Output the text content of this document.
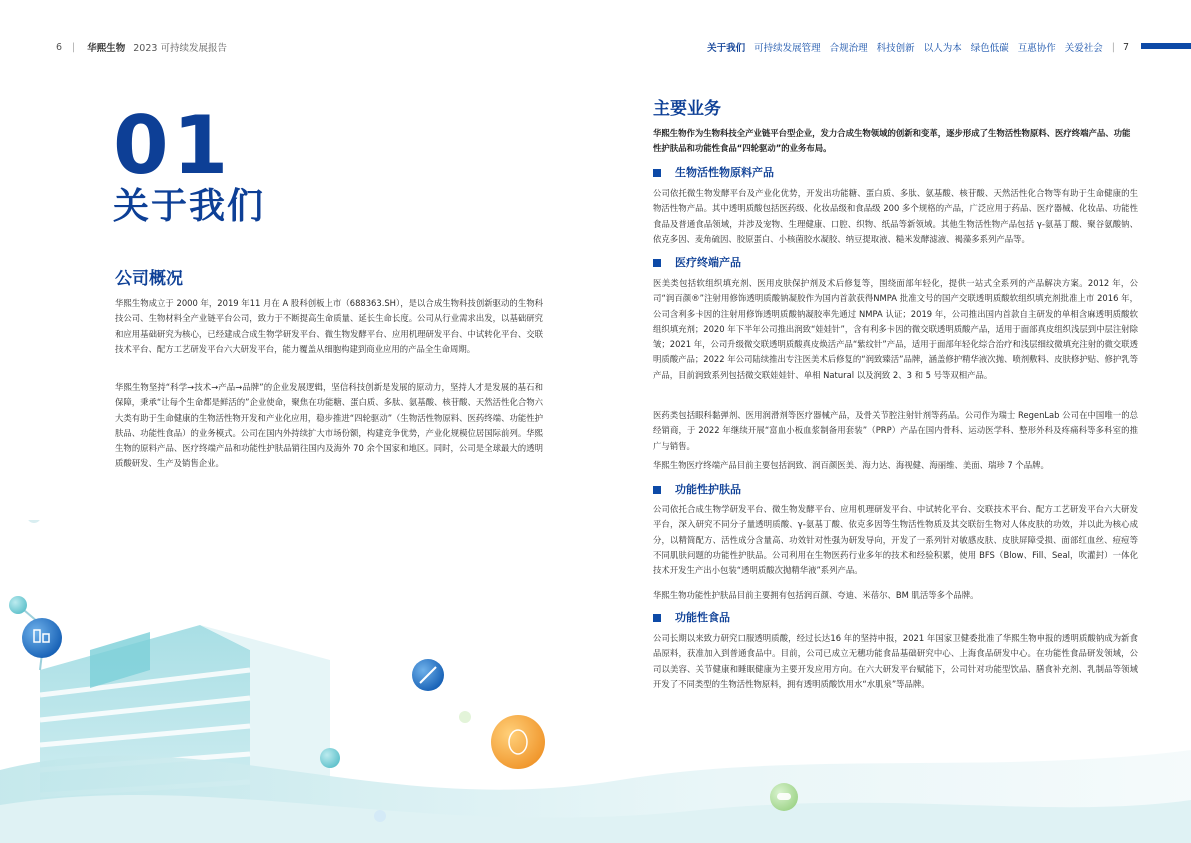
6 | 华熙生物 2023 可持续发展报告	关于我们 可持续发展管理 合规治理 科技创新 以人为本 绿色低碳 互惠协作 关爱社会 | 7
01
关于我们
公司概况

华熙生物成立于 2000 年，2019 年11 月在 A 股科创板上市（688363.SH），是以合成生物科技创新驱动的生物科技公司、生物材料全产业链平台公司，致力于不断提高生命质量、延长生命长度。公司从行业需求出发，以基础研究和应用基础研究为核心，已经建成合成生物学研发平台、微生物发酵平台、应用机理研发平台、中试转化平台、交联技术平台、配方工艺研发平台六大研发平台，能力覆盖从细胞构建到商业应用的产品全生命周期。

华熙生物坚持“科学→技术→产品→品牌”的企业发展逻辑，坚信科技创新是发展的原动力，坚持人才是发展的基石和保障，秉承“让每个生命都是鲜活的”企业使命，聚焦在功能糖、蛋白质、多肽、氨基酸、核苷酸、天然活性化合物六大类有助于生命健康的生物活性物开发和产业化应用，稳步推进“四轮驱动”（生物活性物原料、医药终端、功能性护肤品、功能性食品）的业务模式。公司在国内外持续扩大市场份额，构建竞争优势，产业化规模位居国际前列。华熙生物的原料产品、医疗终端产品和功能性护肤品销往国内及海外 70 余个国家和地区。同时，公司是全球最大的透明质酸研发、生产及销售企业。

主要业务

华熙生物作为生物科技全产业链平台型企业，发力合成生物领域的创新和变革，逐步形成了生物活性物原料、医疗终端产品、功能性护肤品和功能性食品“四轮驱动”的业务布局。

生物活性物原料产品

公司依托微生物发酵平台及产业化优势，开发出功能糖、蛋白质、多肽、氨基酸、核苷酸、天然活性化合物等有助于生命健康的生物活性物产品。其中透明质酸包括医药级、化妆品级和食品级 200 多个规格的产品，广泛应用于药品、医疗器械、化妆品、功能性食品及普通食品领域，并涉及宠物、生理健康、口腔、织物、纸品等新领域。其他生物活性物产品包括 γ-氨基丁酸、聚谷氨酸钠、依克多因、麦角硫因、胶原蛋白、小核菌胶水凝胶、纳豆提取液、糙米发酵滤液、褐藻多系列产品等。

医疗终端产品

医美类包括软组织填充剂、医用皮肤保护剂及术后修复等，围绕面部年轻化，提供一站式全系列的产品解决方案。2012 年，公司“润百颜®”注射用修饰透明质酸钠凝胶作为国内首款获得NMPA 批准文号的国产交联透明质酸软组织填充剂批准上市 2016 年，公司含利多卡因的注射用修饰透明质酸钠凝胶率先通过 NMPA 认证；2019 年，公司推出国内首款自主研发的单相含麻透明质酸软组织填充剂；2020 年下半年公司推出润致“娃娃针”，含有利多卡因的微交联透明质酸产品，适用于面部真皮组织浅层到中层注射除皱；2021 年，公司升级微交联透明质酸真皮焕活产品“紫纹针”产品，适用于面部年轻化综合治疗和浅层细纹微填充注射的微交联透明质酸产品；2022 年公司陆续推出专注医美术后修复的“润致臻活”品牌，涵盖修护精华液次抛、喷剂敷料、皮肤修护贴、修护乳等产品，目前润致系列包括微交联娃娃针、单相 Natural 以及润致 2、3 和 5 号等双相产品。

医药类包括眼科黏弹剂、医用润滑剂等医疗器械产品，及骨关节腔注射针剂等药品。公司作为瑞士 RegenLab 公司在中国唯一的总经销商，于 2022 年继续开展“富血小板血浆制备用套装”（PRP）产品在国内骨科、运动医学科、整形外科及疼痛科等多科室的推广与销售。

华熙生物医疗终端产品目前主要包括润致、润百颜医美、海力达、海视健、海丽维、美面、瑞珍 7 个品牌。

功能性护肤品

公司依托合成生物学研发平台、微生物发酵平台、应用机理研发平台、中试转化平台、交联技术平台、配方工艺研发平台六大研发平台，深入研究不同分子量透明质酸、γ-氨基丁酸、依克多因等生物活性物质及其交联衍生物对人体皮肤的功效，并以此为核心成分，以精简配方、活性成分含量高、功效针对性强为研发导向，开发了一系列针对敏感皮肤、皮肤屏障受损、面部红血丝、痘痘等不同肌肤问题的功能性护肤品。公司利用在生物医药行业多年的技术和经验积累，使用 BFS（Blow、Fill、Seal，吹灌封）一体化技术开发生产出小包装“透明质酸次抛精华液”系列产品。

华熙生物功能性护肤品目前主要拥有包括润百颜、夸迪、米蓓尔、BM 肌活等多个品牌。

功能性食品

公司长期以来致力研究口服透明质酸，经过长达16 年的坚持申报，2021 年国家卫健委批准了华熙生物申报的透明质酸钠成为新食品原料，获准加入到普通食品中。目前，公司已成立无穗功能食品基础研究中心、上海食品研发中心。在功能性食品研发领域，公司以美容、关节健康和睡眠健康为主要开发应用方向。在六大研发平台赋能下，公司针对功能型饮品、膳食补充剂、乳制品等领域开发了不同类型的生物活性物原料，拥有透明质酸饮用水“水肌泉”等品牌。
